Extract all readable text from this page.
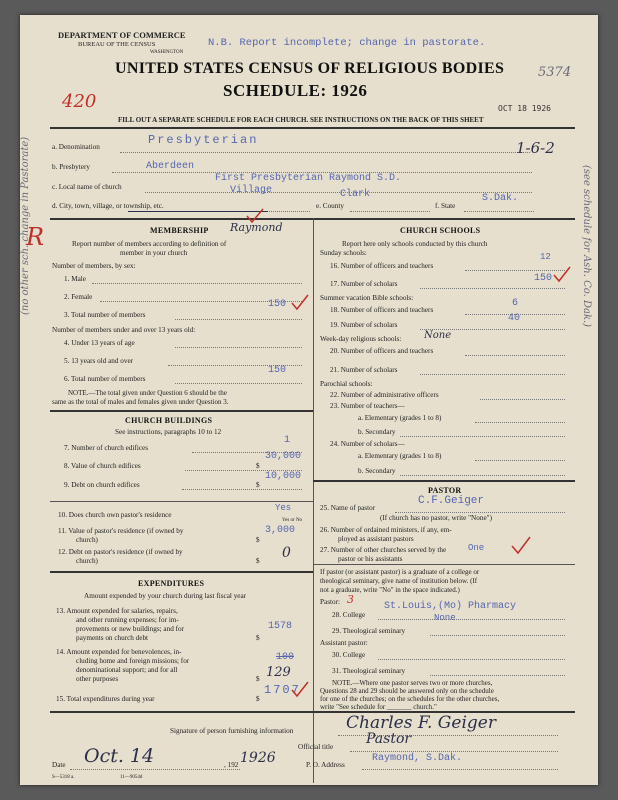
DEPARTMENT OF COMMERCE
BUREAU OF THE CENSUS
WASHINGTON
N.B. Report incomplete; change in pastorate.
5374
UNITED STATES CENSUS OF RELIGIOUS BODIES
SCHEDULE: 1926
420	OCT 18 1926
FILL OUT A SEPARATE SCHEDULE FOR EACH CHURCH. SEE INSTRUCTIONS ON THE BACK OF THIS SHEET
a. Denomination	Presbyterian	1-6-2
b. Presbytery	Aberdeen
c. Local name of church
First Presbyterian Raymond S.D.
d. City, town, village, or township, etc.
Village
e. County
Clark
f. State
S.Dak.
MEMBERSHIP Raymond
Report number of members according to definition of
member in your church
Number of members, by sex:
1. Male
2. Female
3. Total number of members
150
Number of members under and over 13 years old:
4. Under 13 years of age
5. 13 years old and over
6. Total number of members
150
NOTE.—The total given under Question 6 should be the
same as the total of males and females given under Question 3.
CHURCH BUILDINGS
See instructions, paragraphs 10 to 12
7. Number of church edifices
1
8. Value of church edifices	$
30,000
9. Debt on church edifices	$
10,000
10. Does church own pastor's residence
Yes
Yes or No
11. Value of pastor's residence (if owned by
church)	$
3,000
12. Debt on pastor's residence (if owned by
church)	$ 0
EXPENDITURES
Amount expended by your church during last fiscal year
13. Amount expended for salaries, repairs,
and other running expenses; for im-
provements or new buildings; and for
payments on church debt	$
1578
14. Amount expended for benevolences, in-
cluding home and foreign missions; for
denominational support; and for all
other purposes
100
$ 129
15. Total expenditures during year	$
1707
CHURCH SCHOOLS
Report here only schools conducted by this church
Sunday schools:
16. Number of officers and teachers
12
17. Number of scholars	150
Summer vacation Bible schools:
18. Number of officers and teachers
6
19. Number of scholars
40
Week-day religious schools: None
20. Number of officers and teachers
21. Number of scholars
Parochial schools:
22. Number of administrative officers
23. Number of teachers—
a. Elementary (grades 1 to 8)
b. Secondary
24. Number of scholars—
a. Elementary (grades 1 to 8)
b. Secondary
PASTOR
25. Name of pastor
C.F.Geiger
(If church has no pastor, write "None")
26. Number of ordained ministers, if any, em-
ployed as assistant pastors
27. Number of other churches served by the
pastor or his assistants
One
If pastor (or assistant pastor) is a graduate of a college or
theological seminary, give name of institution below. (If
not a graduate, write "No" in the space indicated.)
Pastor: 3
28. College
St.Louis,(Mo) Pharmacy
None
29. Theological seminary
Assistant pastor:
30. College
31. Theological seminary
NOTE.—Where one pastor serves two or more churches,
Questions 28 and 29 should be answered only on the schedule
for one of the churches; on the schedules for the other churches,
write "See schedule for _______ church."
Signature of person furnishing information	Charles F. Geiger
Official title Pastor
Date Oct. 14	, 192 1926	P. O. Address
Raymond, S.Dak.
S—5318 a.	11—9054d
(no other sch. change in Pastorate)
R	(see schedule for Ash. Co. Dak.)
